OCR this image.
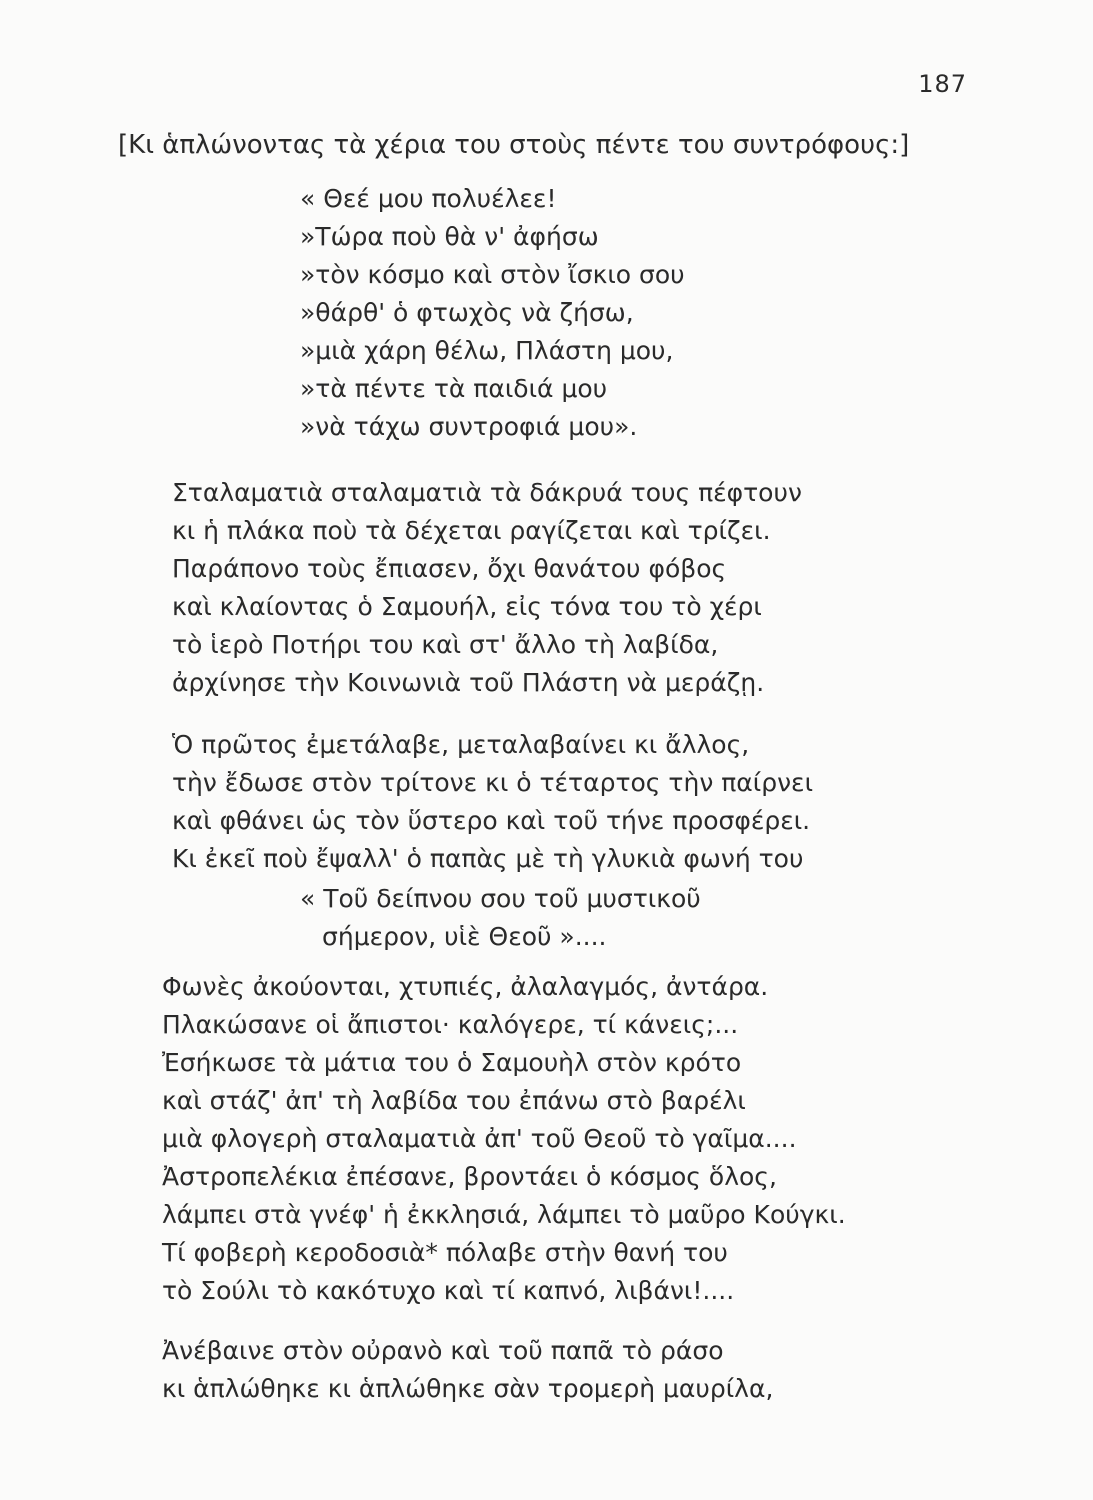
187
[Κι ἁπλώνοντας τὰ χέρια του στοὺς πέντε του συντρόφους:]
« Θεέ μου πολυέλεε!
»Τώρα ποὺ θὰ ν' ἀφήσω
»τὸν κόσμο καὶ στὸν ἴσκιο σου
»θάρθ' ὁ φτωχὸς νὰ ζήσω,
»μιὰ χάρη θέλω, Πλάστη μου,
»τὰ πέντε τὰ παιδιά μου
»νὰ τάχω συντροφιά μου».
Σταλαματιὰ σταλαματιὰ τὰ δάκρυά τους πέφτουν
κι ἡ πλάκα ποὺ τὰ δέχεται ραγίζεται καὶ τρίζει.
Παράπονο τοὺς ἔπιασεν, ὄχι θανάτου φόβος
καὶ κλαίοντας ὁ Σαμουήλ, εἰς τόνα του τὸ χέρι
τὸ ἱερὸ Ποτήρι του καὶ στ' ἄλλο τὴ λαβίδα,
ἀρχίνησε τὴν Κοινωνιὰ τοῦ Πλάστη νὰ μεράζῃ.
Ὁ πρῶτος ἐμετάλαβε, μεταλαβαίνει κι ἄλλος,
τὴν ἔδωσε στὸν τρίτονε κι ὁ τέταρτος τὴν παίρνει
καὶ φθάνει ὡς τὸν ὕστερο καὶ τοῦ τήνε προσφέρει.
Κι ἐκεῖ ποὺ ἔψαλλ' ὁ παπὰς μὲ τὴ γλυκιὰ φωνή του
« Τοῦ δείπνου σου τοῦ μυστικοῦ
σήμερον, υἱὲ Θεοῦ »....
Φωνὲς ἀκούονται, χτυπιές, ἀλαλαγμός, ἀντάρα.
Πλακώσανε οἱ ἄπιστοι· καλόγερε, τί κάνεις;...
Ἐσήκωσε τὰ μάτια του ὁ Σαμουὴλ στὸν κρότο
καὶ στάζ' ἀπ' τὴ λαβίδα του ἐπάνω στὸ βαρέλι
μιὰ φλογερὴ σταλαματιὰ ἀπ' τοῦ Θεοῦ τὸ γαῖμα....
Ἀστροπελέκια ἐπέσανε, βροντάει ὁ κόσμος ὅλος,
λάμπει στὰ γνέφ' ἡ ἐκκλησιά, λάμπει τὸ μαῦρο Κούγκι.
Τί φοβερὴ κεροδοσιὰ* πόλαβε στὴν θανή του
τὸ Σούλι τὸ κακότυχο καὶ τί καπνό, λιβάνι!....
Ἀνέβαινε στὸν οὐρανὸ καὶ τοῦ παπᾶ τὸ ράσο
κι ἁπλώθηκε κι ἁπλώθηκε σὰν τρομερὴ μαυρίλα,
